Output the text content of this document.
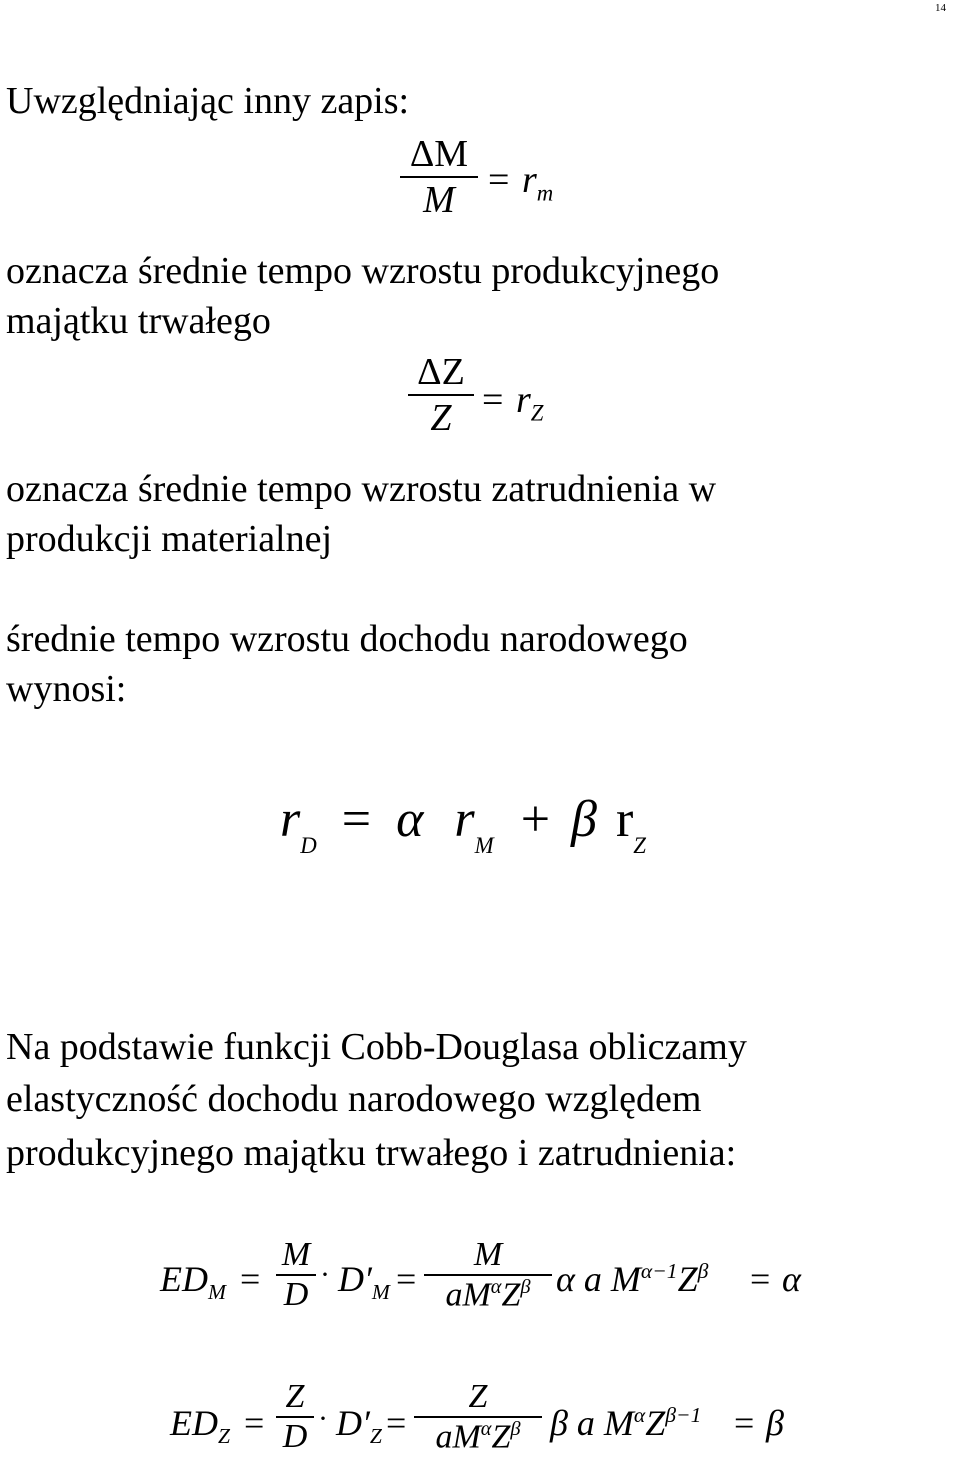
14
Uwzględniając inny zapis:
ΔM
$M = r_m$
oznacza średnie tempo wzrostu produkcyjnego
majątku trwałego
ΔZ
$Z = r_Z$
oznacza średnie tempo wzrostu zatrudnienia w
produkcji materialnej
średnie tempo wzrostu dochodu narodowego
wynosi:
$r_D = \alpha$ $r_M + \beta$ $r_Z$
Na podstawie funkcji Cobb-Douglasa obliczamy
elastyczność dochodu narodowego względem
produkcyjnego majątku trwałego i zatrudnienia:
$ED_M$ =
M
D
· $D'_M$ =
M
$aM^\alpha Z^\beta$ α a $M^{\alpha-1}Z^\beta = \alpha$
$ED_Z$ =
Z
$D \cdot D'_Z$ =
Z
$aM^\alpha Z^\beta$ β a $M^\alpha Z^{\beta-1} = \beta$
